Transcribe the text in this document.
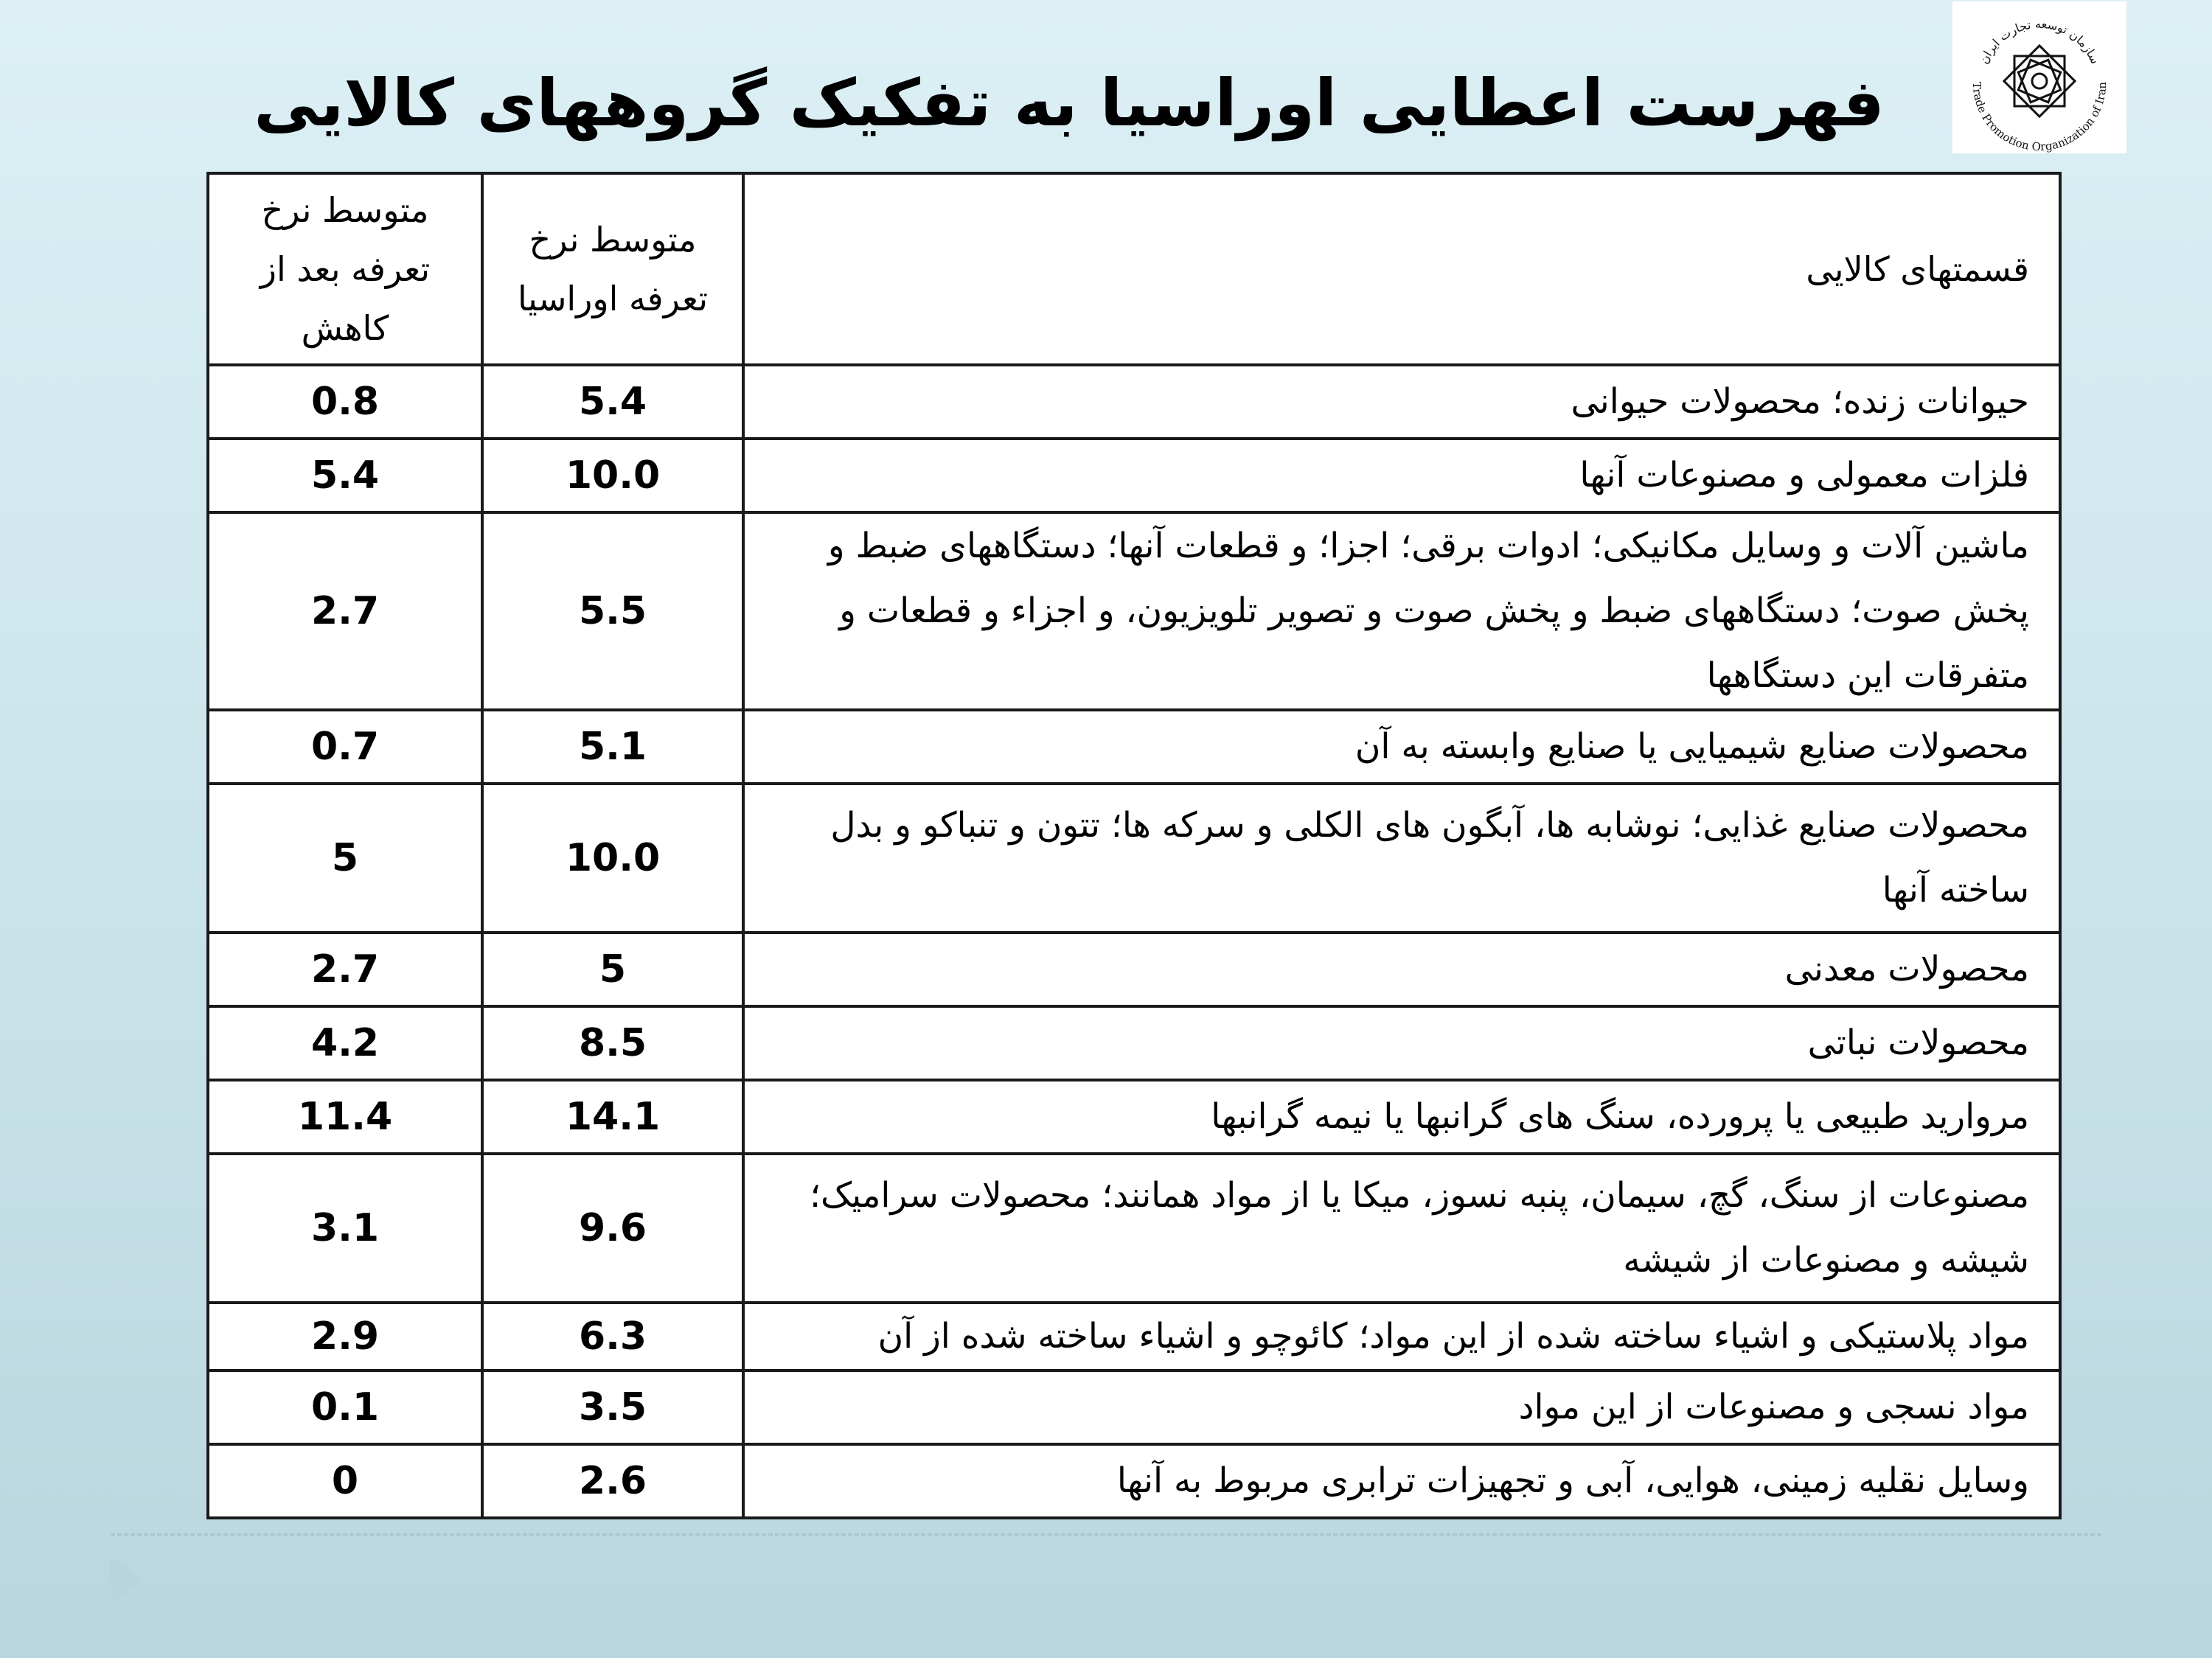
سازمان توسعه تجارت ایران
Trade Promotion Organization of Iran
فهرست اعطایی اوراسیا به تفکیک گروههای کالایی
قسمتهای کالایی	متوسط نرخ تعرفه اوراسیا	متوسط نرخ تعرفه بعد از کاهش
حیوانات زنده؛ محصولات حیوانی	5.4	0.8
فلزات معمولی و مصنوعات آنها	10.0	5.4
ماشین آلات و وسایل مکانیکی؛ ادوات برقی؛ اجزا؛ و قطعات آنها؛ دستگاههای ضبط و پخش صوت؛ دستگاههای ضبط و پخش صوت و تصویر تلویزیون، و اجزاء و قطعات و متفرقات این دستگاهها	5.5	2.7
محصولات صنایع شیمیایی یا صنایع وابسته به آن	5.1	0.7
محصولات صنایع غذایی؛ نوشابه ها، آبگون های الکلی و سرکه ها؛ تتون و تنباکو و بدل ساخته آنها	10.0	5
محصولات معدنی	5	2.7
محصولات نباتی	8.5	4.2
مروارید طبیعی یا پرورده، سنگ های گرانبها یا نیمه گرانبها	14.1	11.4
مصنوعات از سنگ، گچ، سیمان، پنبه نسوز، میکا یا از مواد همانند؛ محصولات سرامیک؛ شیشه و مصنوعات از شیشه	9.6	3.1
مواد پلاستیکی و اشیاء ساخته شده از این مواد؛ کائوچو و اشیاء ساخته شده از آن	6.3	2.9
مواد نسجی و مصنوعات از این مواد	3.5	0.1
وسایل نقلیه زمینی، هوایی، آبی و تجهیزات ترابری مربوط به آنها	2.6	0
